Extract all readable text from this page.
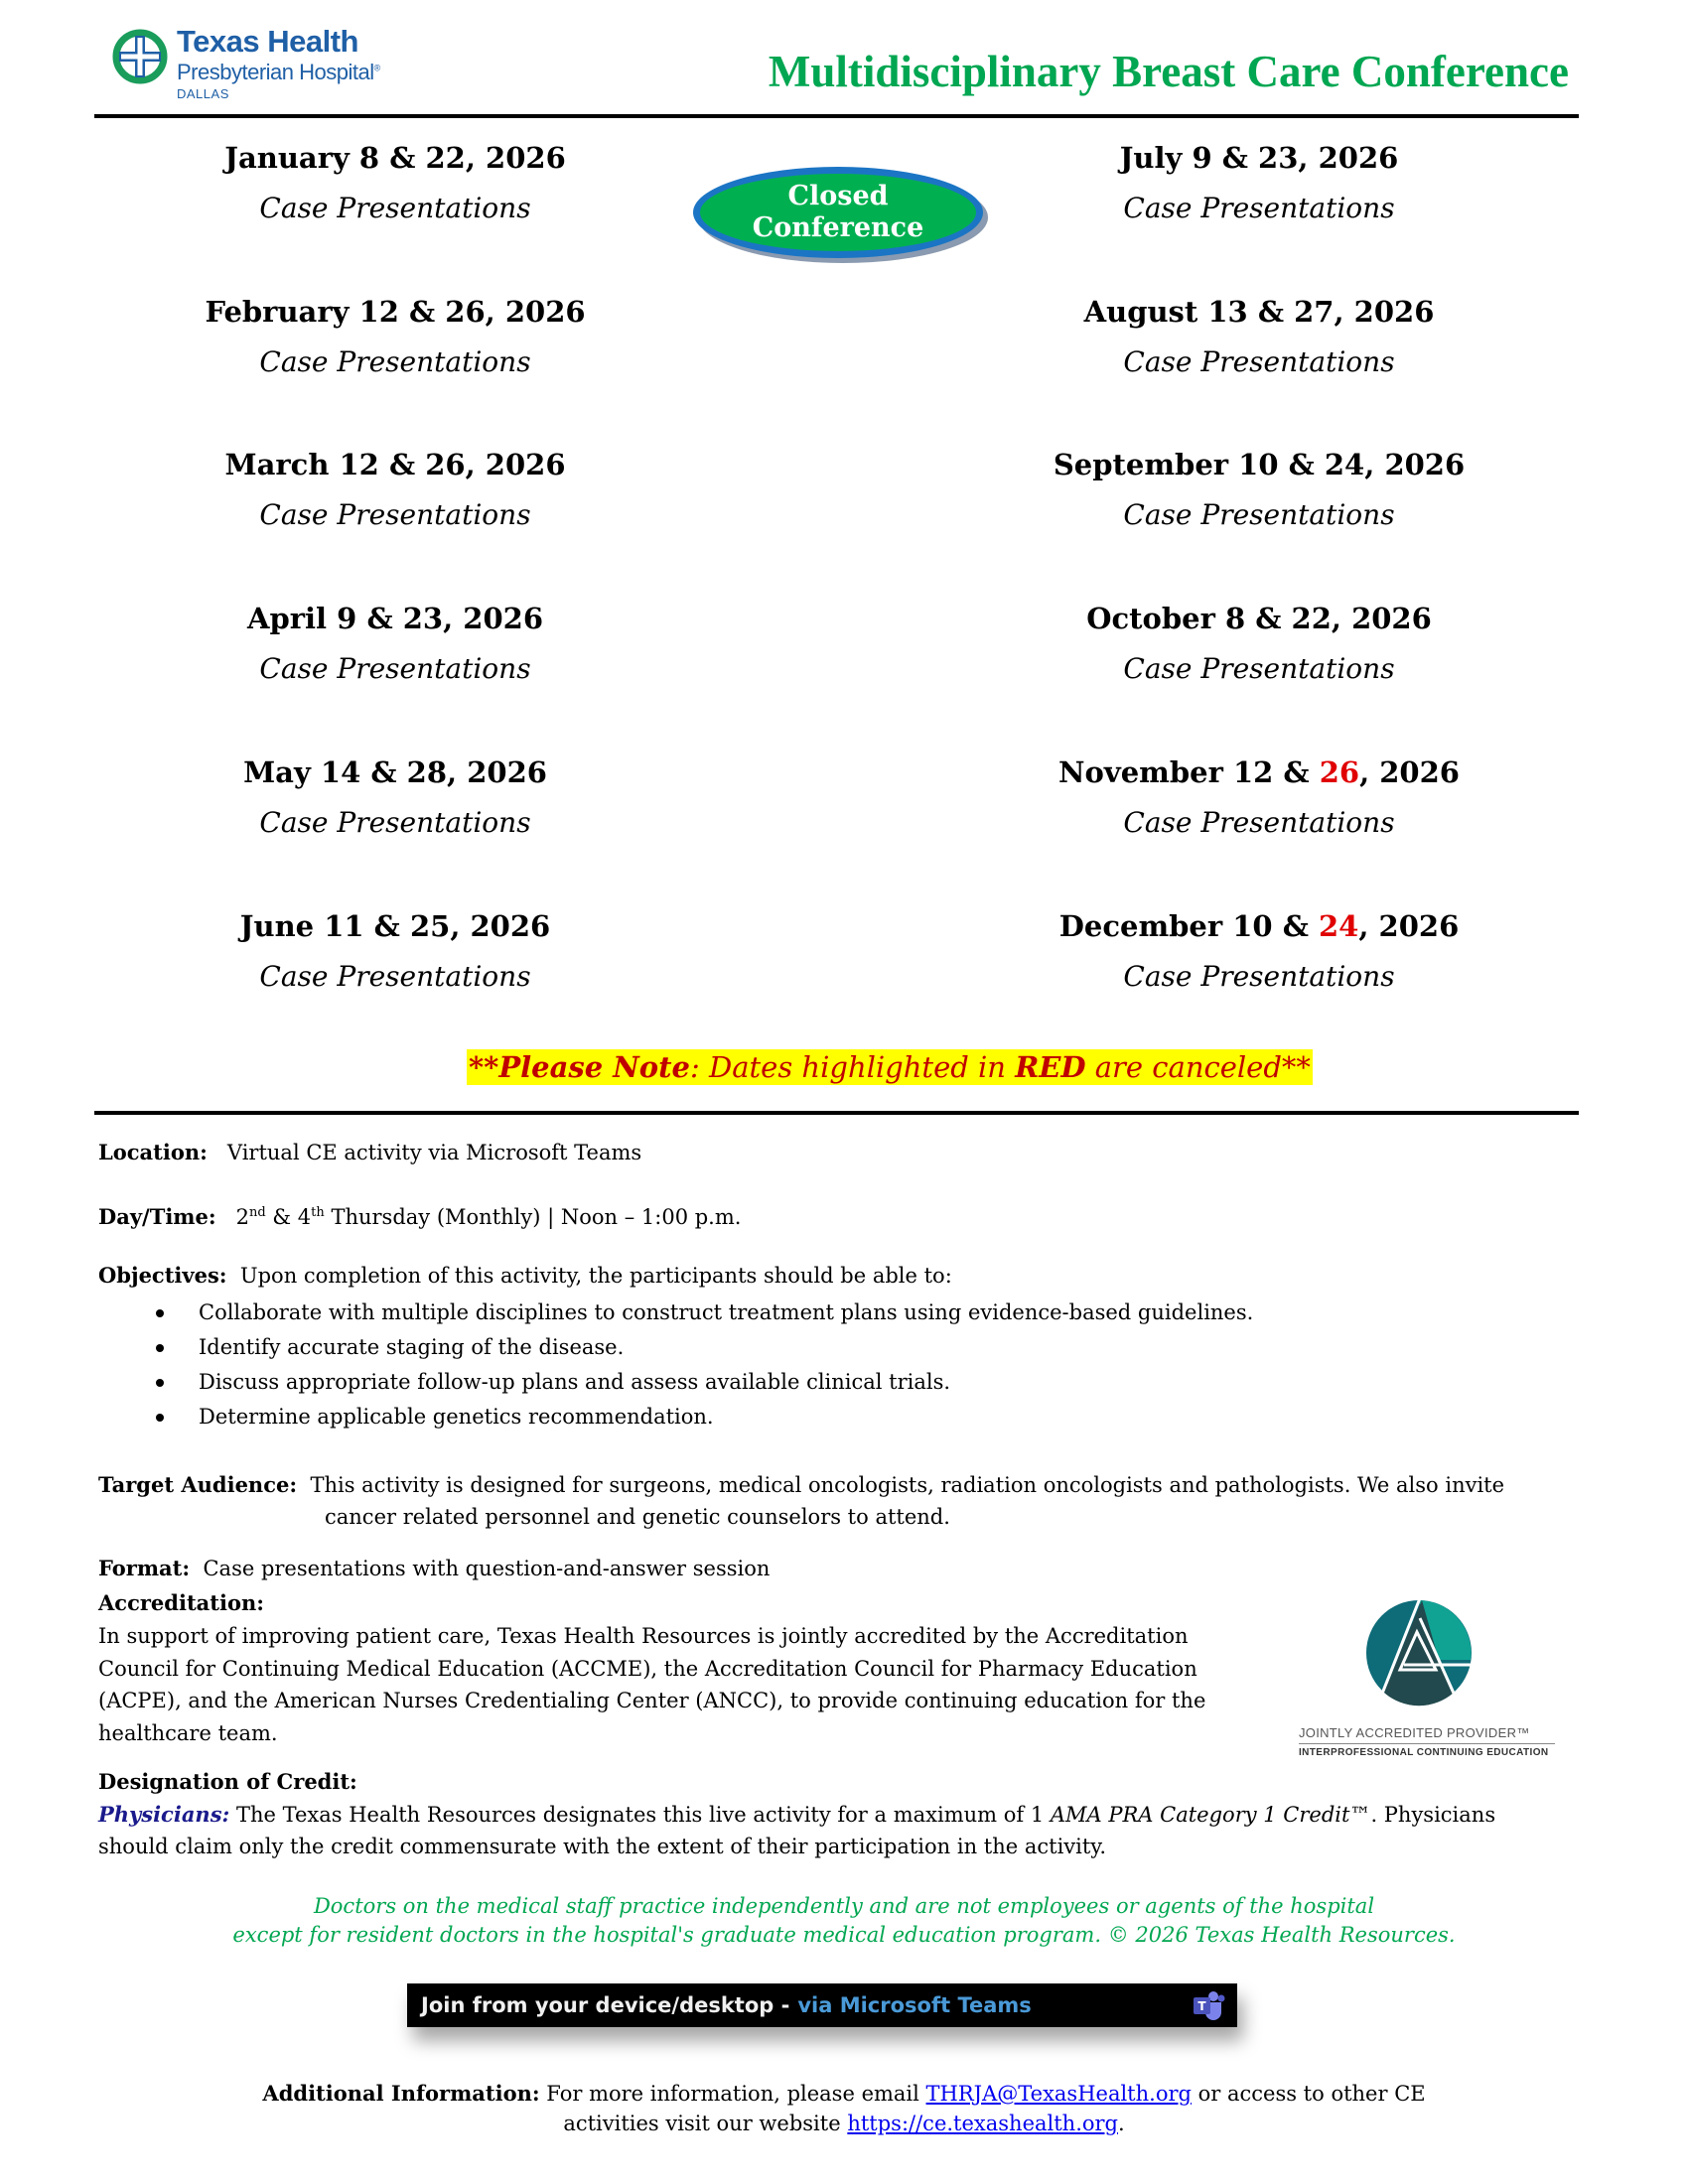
Texas Health
Presbyterian Hospital®
DALLAS	Multidisciplinary Breast Care Conference
January 8 & 22, 2026
Case Presentations
February 12 & 26, 2026
Case Presentations
March 12 & 26, 2026
Case Presentations
April 9 & 23, 2026
Case Presentations
May 14 & 28, 2026
Case Presentations
June 11 & 25, 2026
Case Presentations
July 9 & 23, 2026
Case Presentations
August 13 & 27, 2026
Case Presentations
September 10 & 24, 2026
Case Presentations
October 8 & 22, 2026
Case Presentations
November 12 & 26, 2026
Case Presentations
December 10 & 24, 2026
Case Presentations
Closed
Conference
**Please Note: Dates highlighted in RED are canceled**
Location: Virtual CE activity via Microsoft Teams
Day/Time: 2nd & 4th Thursday (Monthly) | Noon – 1:00 p.m.
Objectives: Upon completion of this activity, the participants should be able to:
Collaborate with multiple disciplines to construct treatment plans using evidence-based guidelines.
Identify accurate staging of the disease.
Discuss appropriate follow-up plans and assess available clinical trials.
Determine applicable genetics recommendation.
Target Audience: This activity is designed for surgeons, medical oncologists, radiation oncologists and pathologists. We also invite
cancer related personnel and genetic counselors to attend.
Format: Case presentations with question-and-answer session
Accreditation:
In support of improving patient care, Texas Health Resources is jointly accredited by the Accreditation
Council for Continuing Medical Education (ACCME), the Accreditation Council for Pharmacy Education
(ACPE), and the American Nurses Credentialing Center (ANCC), to provide continuing education for the
healthcare team.	JOINTLY ACCREDITED PROVIDER™
INTERPROFESSIONAL CONTINUING EDUCATION
Designation of Credit:
Physicians: The Texas Health Resources designates this live activity for a maximum of 1 AMA PRA Category 1 Credit™. Physicians
should claim only the credit commensurate with the extent of their participation in the activity.
Doctors on the medical staff practice independently and are not employees or agents of the hospital
except for resident doctors in the hospital's graduate medical education program. © 2026 Texas Health Resources.
Join from your device/desktop - via Microsoft Teams	T
Additional Information: For more information, please email THRJA@TexasHealth.org or access to other CE
activities visit our website https://ce.texashealth.org.
